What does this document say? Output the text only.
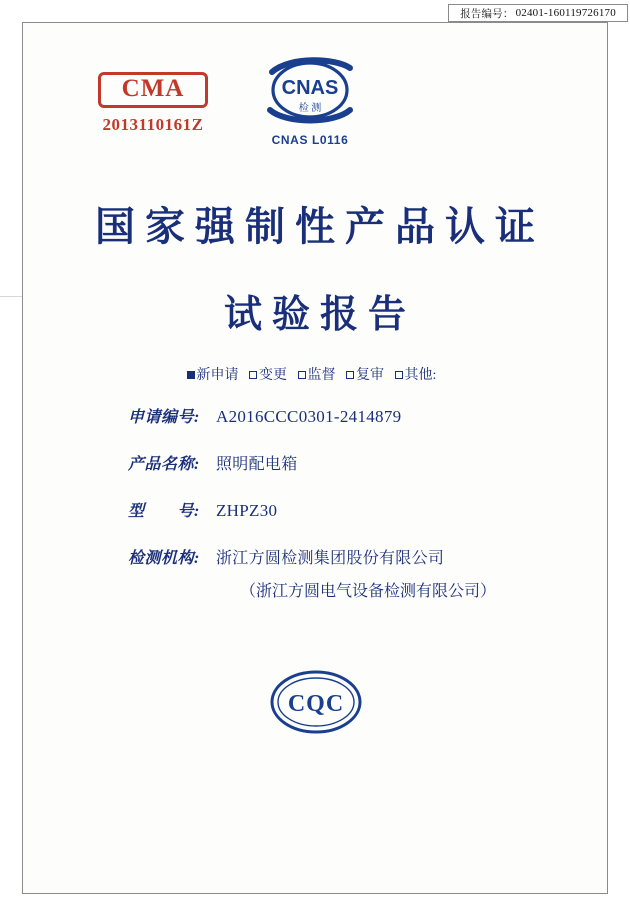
报告编号： 02401-160119726170
CMA
2013110161Z
CNAS
检 测
CNAS L0116
国家强制性产品认证
试验报告
新申请 变更 监督 复审 其他:
申请编号: A2016CCC0301-2414879
产品名称:	照明配电箱
型　　号: ZHPZ30
检测机构:	浙江方圆检测集团股份有限公司
（浙江方圆电气设备检测有限公司）
CQC
